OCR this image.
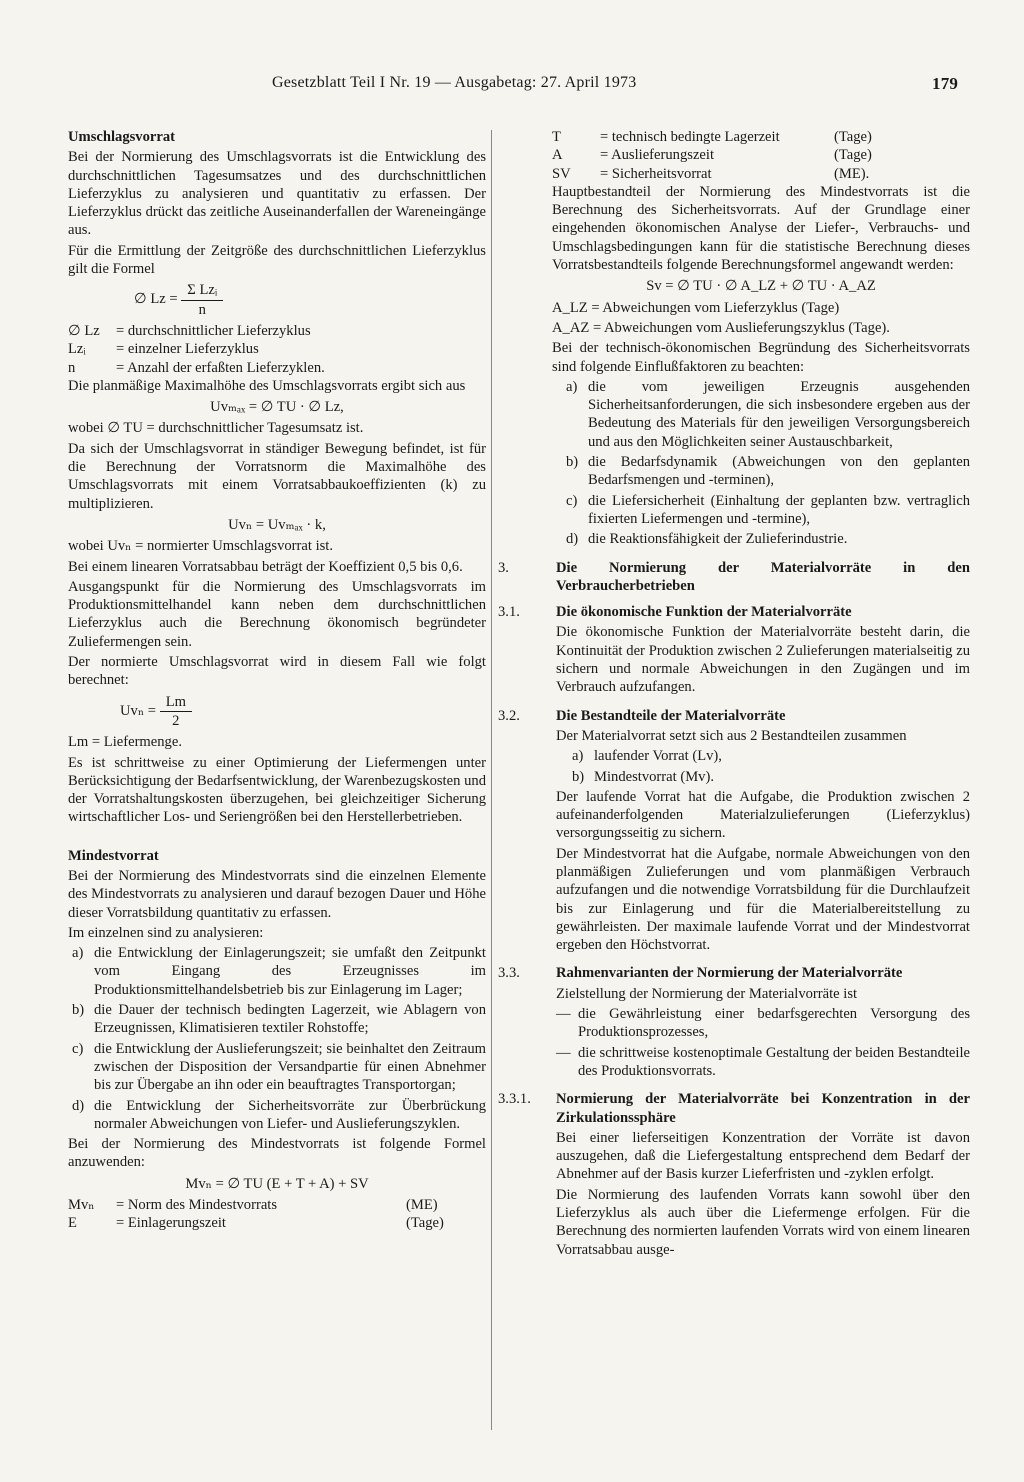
Gesetzblatt Teil I Nr. 19 — Ausgabetag: 27. April 1973	179

Umschlagsvorrat

Bei der Normierung des Umschlagsvorrats ist die Entwicklung des durchschnittlichen Tagesumsatzes und des durchschnittlichen Lieferzyklus zu analysieren und quantitativ zu erfassen. Der Lieferzyklus drückt das zeitliche Auseinanderfallen der Wareneingänge aus.

Für die Ermittlung der Zeitgröße des durchschnittlichen Lieferzyklus gilt die Formel

∅ $Lz = \frac{\text{Σ Lzᵢ}}{n}$
∅ Lz	= durchschnittlicher Lieferzyklus
Lzᵢ	= einzelner Lieferzyklus
n	= Anzahl der erfaßten Lieferzyklen.

Die planmäßige Maximalhöhe des Umschlagsvorrats ergibt sich aus

Uvₘₐₓ = ∅ TU · ∅ Lz,

wobei ∅ TU = durchschnittlicher Tagesumsatz ist.

Da sich der Umschlagsvorrat in ständiger Bewegung befindet, ist für die Berechnung der Vorratsnorm die Maximalhöhe des Umschlagsvorrats mit einem Vorratsabbaukoeffizienten (k) zu multiplizieren.

Uvₙ = Uvₘₐₓ · k,

wobei Uvₙ = normierter Umschlagsvorrat ist.

Bei einem linearen Vorratsabbau beträgt der Koeffizient 0,5 bis 0,6.

Ausgangspunkt für die Normierung des Umschlagsvorrats im Produktionsmittelhandel kann neben dem durchschnittlichen Lieferzyklus auch die Berechnung ökonomisch begründeter Zuliefermengen sein.

Der normierte Umschlagsvorrat wird in diesem Fall wie folgt berechnet:

$Uv_n = \frac{Lm}{2}$

Lm = Liefermenge.

Es ist schrittweise zu einer Optimierung der Liefermengen unter Berücksichtigung der Bedarfsentwicklung, der Warenbezugskosten und der Vorratshaltungskosten überzugehen, bei gleichzeitiger Sicherung wirtschaftlicher Los- und Seriengrößen bei den Herstellerbetrieben.

Mindestvorrat

Bei der Normierung des Mindestvorrats sind die einzelnen Elemente des Mindestvorrats zu analysieren und darauf bezogen Dauer und Höhe dieser Vorratsbildung quantitativ zu erfassen.

Im einzelnen sind zu analysieren:

a) die Entwicklung der Einlagerungszeit; sie umfaßt den Zeitpunkt vom Eingang des Erzeugnisses im Produktionsmittelhandelsbetrieb bis zur Einlagerung im Lager;
b) die Dauer der technisch bedingten Lagerzeit, wie Ablagern von Erzeugnissen, Klimatisieren textiler Rohstoffe;
c) die Entwicklung der Auslieferungszeit; sie beinhaltet den Zeitraum zwischen der Disposition der Versandpartie für einen Abnehmer bis zur Übergabe an ihn oder ein beauftragtes Transportorgan;
d) die Entwicklung der Sicherheitsvorräte zur Überbrückung normaler Abweichungen von Liefer- und Auslieferungszyklen.

Bei der Normierung des Mindestvorrats ist folgende Formel anzuwenden:

Mvₙ = ∅ TU (E + T + A) + SV
Mvₙ	= Norm des Mindestvorrats	(ME)
E	= Einlagerungszeit	(Tage)
T	= technisch bedingte Lagerzeit	(Tage)
A	= Auslieferungszeit	(Tage)
SV	= Sicherheitsvorrat	(ME).

Hauptbestandteil der Normierung des Mindestvorrats ist die Berechnung des Sicherheitsvorrats. Auf der Grundlage einer eingehenden ökonomischen Analyse der Liefer-, Verbrauchs- und Umschlagsbedingungen kann für die statistische Berechnung dieses Vorratsbestandteils folgende Berechnungsformel angewandt werden:

Sv = ∅ TU · ∅ A_LZ + ∅ TU · A_AZ

A_LZ = Abweichungen vom Lieferzyklus (Tage)

A_AZ = Abweichungen vom Auslieferungszyklus (Tage).

Bei der technisch-ökonomischen Begründung des Sicherheitsvorrats sind folgende Einflußfaktoren zu beachten:

a) die vom jeweiligen Erzeugnis ausgehenden Sicherheitsanforderungen, die sich insbesondere ergeben aus der Bedeutung des Materials für den jeweiligen Versorgungsbereich und aus den Möglichkeiten seiner Austauschbarkeit,
b) die Bedarfsdynamik (Abweichungen von den geplanten Bedarfsmengen und -terminen),
c) die Liefersicherheit (Einhaltung der geplanten bzw. vertraglich fixierten Liefermengen und -termine),
d) die Reaktionsfähigkeit der Zulieferindustrie.
3.	Die Normierung der Materialvorräte in den Verbraucherbetrieben
3.1.	Die ökonomische Funktion der Materialvorräte

Die ökonomische Funktion der Materialvorräte besteht darin, die Kontinuität der Produktion zwischen 2 Zulieferungen materialseitig zu sichern und normale Abweichungen in den Zugängen und im Verbrauch aufzufangen.

3.2.	Die Bestandteile der Materialvorräte

Der Materialvorrat setzt sich aus 2 Bestandteilen zusammen

a) laufender Vorrat (Lv),
b) Mindestvorrat (Mv).

Der laufende Vorrat hat die Aufgabe, die Produktion zwischen 2 aufeinanderfolgenden Materialzulieferungen (Lieferzyklus) versorgungsseitig zu sichern.

Der Mindestvorrat hat die Aufgabe, normale Abweichungen von den planmäßigen Zulieferungen und vom planmäßigen Verbrauch aufzufangen und die notwendige Vorratsbildung für die Durchlaufzeit bis zur Einlagerung und für die Materialbereitstellung zu gewährleisten. Der maximale laufende Vorrat und der Mindestvorrat ergeben den Höchstvorrat.

3.3.	Rahmenvarianten der Normierung der Materialvorräte

Zielstellung der Normierung der Materialvorräte ist

— die Gewährleistung einer bedarfsgerechten Versorgung des Produktionsprozesses,
— die schrittweise kostenoptimale Gestaltung der beiden Bestandteile des Produktionsvorrats.
3.3.1.	Normierung der Materialvorräte bei Konzentration in der Zirkulationssphäre

Bei einer lieferseitigen Konzentration der Vorräte ist davon auszugehen, daß die Liefergestaltung entsprechend dem Bedarf der Abnehmer auf der Basis kurzer Lieferfristen und -zyklen erfolgt.

Die Normierung des laufenden Vorrats kann sowohl über den Lieferzyklus als auch über die Liefermenge erfolgen. Für die Berechnung des normierten laufenden Vorrats wird von einem linearen Vorratsabbau ausge-
